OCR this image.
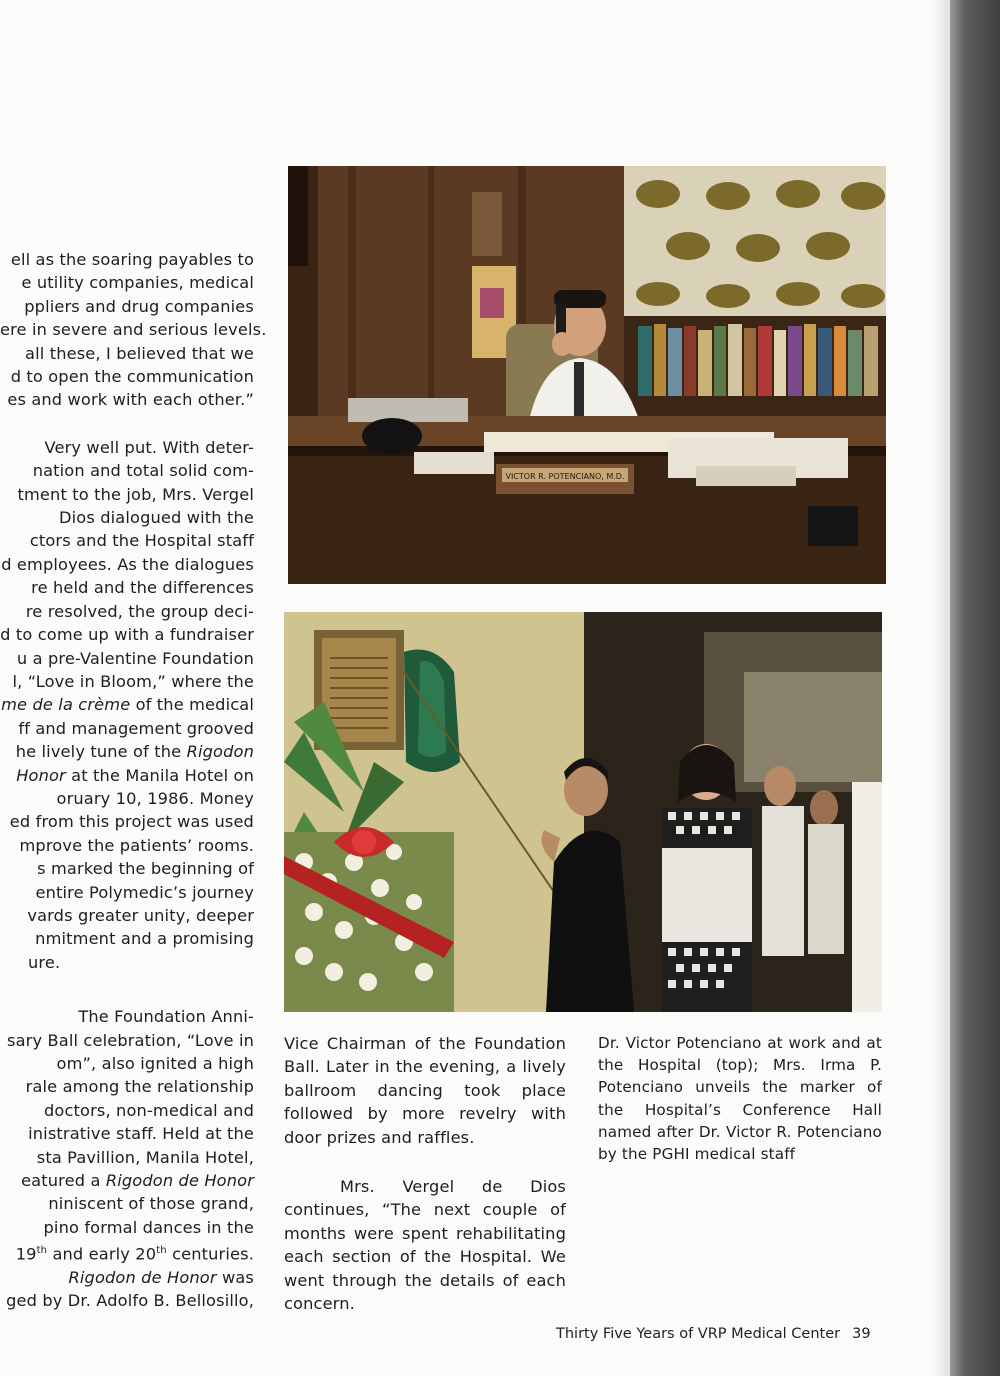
ell as the soaring payables to
e utility companies, medical
ppliers and drug companies
ere in severe and serious levels.
all these, I believed that we
d to open the communication
es and work with each other.”

Very well put. With deter-
nation and total solid com-
tment to the job, Mrs. Vergel
Dios dialogued with the
ctors and the Hospital staff
d employees. As the dialogues
re held and the differences
re resolved, the group deci-
d to come up with a fundraiser
u a pre-Valentine Foundation
l, “Love in Bloom,” where the
me de la crème of the medical
ff and management grooved
he lively tune of the Rigodon
Honor at the Manila Hotel on
oruary 10, 1986. Money
ed from this project was used
mprove the patients’ rooms.
s marked the beginning of
entire Polymedic’s journey
vards greater unity, deeper
nmitment and a promising
ure.

The Foundation Anni-
sary Ball celebration, “Love in
om”, also ignited a high
rale among the relationship
doctors, non-medical and
inistrative staff. Held at the
sta Pavillion, Manila Hotel,
eatured a Rigodon de Honor
niniscent of those grand,
pino formal dances in the
19th and early 20th centuries.
Rigodon de Honor was
ged by Dr. Adolfo B. Bellosillo,

VICTOR R. POTENCIANO, M.D.

Vice Chairman of the Foundation Ball. Later in the evening, a lively ballroom dancing took place followed by more revelry with door prizes and raffles.

Mrs. Vergel de Dios continues, “The next couple of months were spent rehabilitating each section of the Hospital. We went through the details of each concern.

Dr. Victor Potenciano at work and at the Hospital (top); Mrs. Irma P. Potenciano unveils the marker of the Hospital’s Conference Hall named after Dr. Victor R. Potenciano by the PGHI medical staff

Thirty Five Years of VRP Medical Center 39
